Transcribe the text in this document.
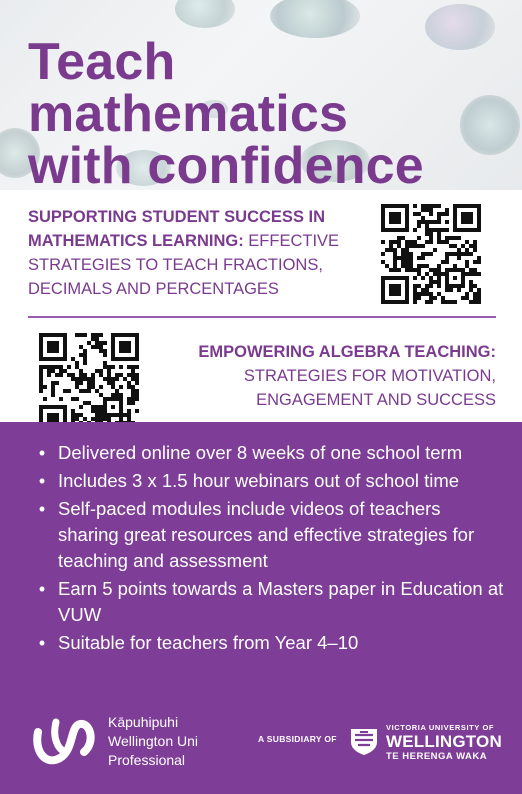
Teach mathematics
with confidence
SUPPORTING STUDENT SUCCESS IN MATHEMATICS LEARNING: EFFECTIVE STRATEGIES TO TEACH FRACTIONS, DECIMALS AND PERCENTAGES
EMPOWERING ALGEBRA TEACHING:
STRATEGIES FOR MOTIVATION, ENGAGEMENT AND SUCCESS
• Delivered online over 8 weeks of one school term
• Includes 3 x 1.5 hour webinars out of school time
• Self-paced modules include videos of teachers sharing great resources and effective strategies for teaching and assessment
• Earn 5 points towards a Masters paper in Education at VUW
• Suitable for teachers from Year 4–10
Kāpuhipuhi
Wellington Uni
Professional
A SUBSIDIARY OF
VICTORIA UNIVERSITY OF
WELLINGTON
TE HERENGA WAKA
